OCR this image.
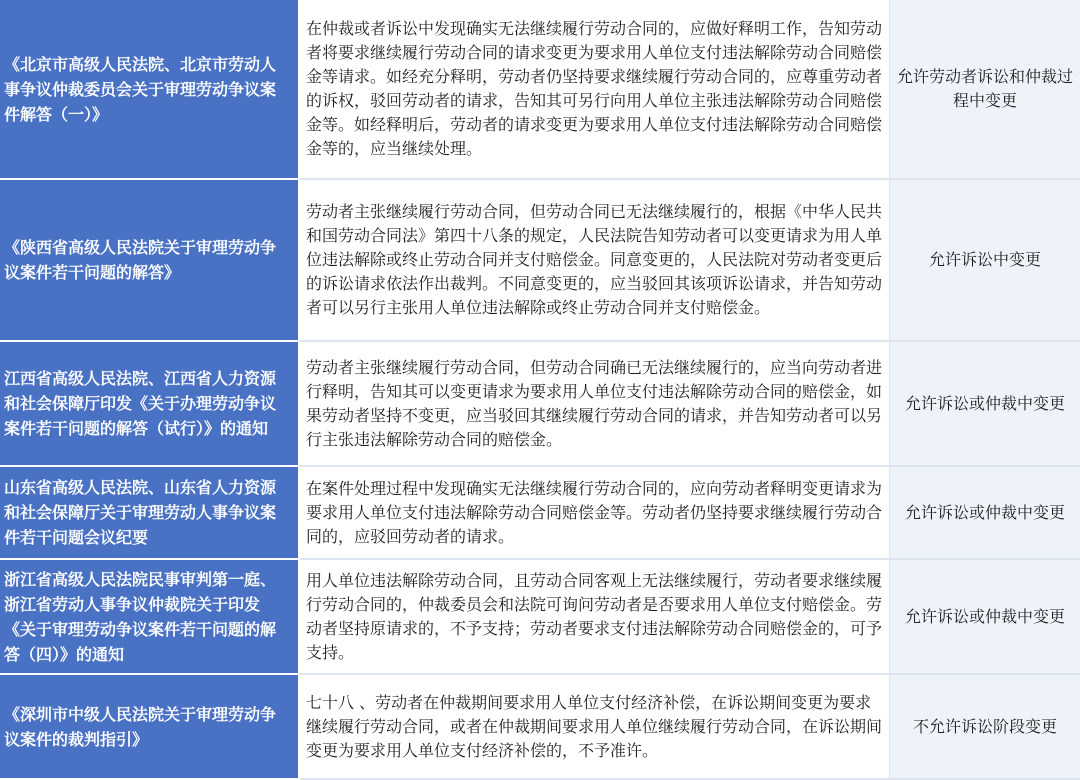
《北京市高级人民法院、北京市劳动人事争议仲裁委员会关于审理劳动争议案件解答（一）》
在仲裁或者诉讼中发现确实无法继续履行劳动合同的，应做好释明工作，告知劳动者将要求继续履行劳动合同的请求变更为要求用人单位支付违法解除劳动合同赔偿金等请求。如经充分释明，劳动者仍坚持要求继续履行劳动合同的，应尊重劳动者的诉权，驳回劳动者的请求，告知其可另行向用人单位主张违法解除劳动合同赔偿金等。如经释明后，劳动者的请求变更为要求用人单位支付违法解除劳动合同赔偿金等的，应当继续处理。
允许劳动者诉讼和仲裁过程中变更
《陕西省高级人民法院关于审理劳动争议案件若干问题的解答》
劳动者主张继续履行劳动合同，但劳动合同已无法继续履行的，根据《中华人民共和国劳动合同法》第四十八条的规定，人民法院告知劳动者可以变更请求为用人单位违法解除或终止劳动合同并支付赔偿金。同意变更的，人民法院对劳动者变更后的诉讼请求依法作出裁判。不同意变更的，应当驳回其该项诉讼请求，并告知劳动者可以另行主张用人单位违法解除或终止劳动合同并支付赔偿金。
允许诉讼中变更
江西省高级人民法院、江西省人力资源和社会保障厅印发《关于办理劳动争议案件若干问题的解答（试行）》的通知
劳动者主张继续履行劳动合同，但劳动合同确已无法继续履行的，应当向劳动者进行释明，告知其可以变更请求为要求用人单位支付违法解除劳动合同的赔偿金，如果劳动者坚持不变更，应当驳回其继续履行劳动合同的请求，并告知劳动者可以另行主张违法解除劳动合同的赔偿金。
允许诉讼或仲裁中变更
山东省高级人民法院、山东省人力资源和社会保障厅关于审理劳动人事争议案件若干问题会议纪要
在案件处理过程中发现确实无法继续履行劳动合同的，应向劳动者释明变更请求为要求用人单位支付违法解除劳动合同赔偿金等。劳动者仍坚持要求继续履行劳动合同的，应驳回劳动者的请求。
允许诉讼或仲裁中变更
浙江省高级人民法院民事审判第一庭、浙江省劳动人事争议仲裁院关于印发《关于审理劳动争议案件若干问题的解答（四）》的通知
用人单位违法解除劳动合同，且劳动合同客观上无法继续履行，劳动者要求继续履行劳动合同的，仲裁委员会和法院可询问劳动者是否要求用人单位支付赔偿金。劳动者坚持原请求的，不予支持；劳动者要求支付违法解除劳动合同赔偿金的，可予支持。
允许诉讼或仲裁中变更
《深圳市中级人民法院关于审理劳动争议案件的裁判指引》
七十八 、劳动者在仲裁期间要求用人单位支付经济补偿，在诉讼期间变更为要求继续履行劳动合同，或者在仲裁期间要求用人单位继续履行劳动合同，在诉讼期间变更为要求用人单位支付经济补偿的，不予准许。
不允许诉讼阶段变更
